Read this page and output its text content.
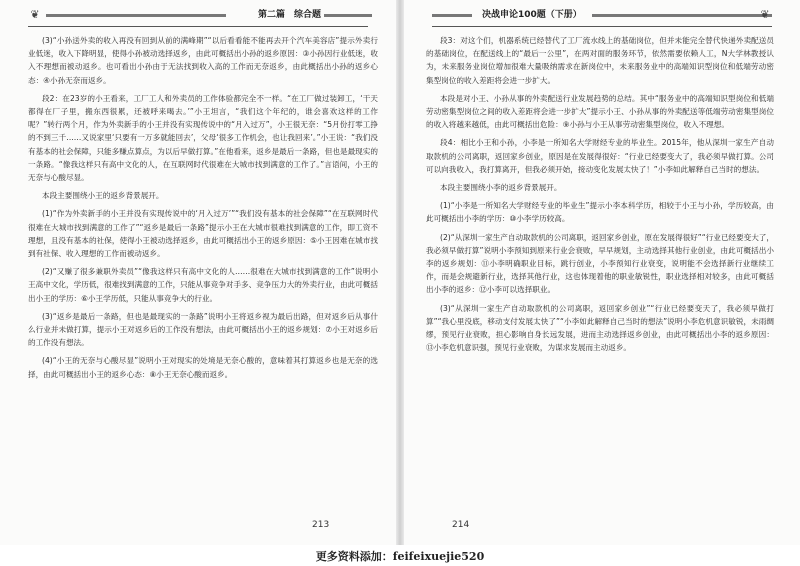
❦	第二篇　综合题

(3)“小孙送外卖的收入再没有回到从前的满峰期”“以后看看能不能再去开个汽车美容店”提示外卖行业低迷，收入下降明显，使得小孙被动选择返乡，由此可概括出小孙的返乡原因：③小孙因行业低迷，收入不理想而被动返乡。也可看出小孙由于无法找到收入高的工作而无奈返乡，由此概括出小孙的返乡心态：④小孙无奈而返乡。

段2：在23岁的小王看来，工厂工人和外卖员的工作体验都完全不一样。“在工厂做过装卸工，‘干天都得在厂子里，搬东西很累，还被呼来喝去。’”小王坦言，“我们这个年纪的，谁会喜欢这样的工作呢？”转行两个月，作为外卖新手的小王并没有实现传说中的“月入过万”，小王很无奈：“5月份打零工挣的不到三千……又说家里‘只要有一万多就能回去’，父母‘很多工作机会，也让我回来’。”小王说：“我们没有基本的社会保障，只能多赚点算点，为以后早做打算。”在他看来，返乡是最后一条路，但也是最现实的一条路。“像我这样只有高中文化的人，在互联网时代很难在大城市找到满意的工作了。”言语间，小王的无奈与心酸尽显。

本段主要围绕小王的返乡背景展开。

(1)“作为外卖新手的小王并没有实现传说中的‘月入过万’”“我们没有基本的社会保障”“在互联网时代很难在大城市找到满意的工作了”“返乡是最后一条路”提示小王在大城市很难找到满意的工作，即工资不理想，且没有基本的社保，使得小王被动选择返乡，由此可概括出小王的返乡原因：⑤小王因难在城市找到有社保、收入理想的工作而被动返乡。

(2)“又赚了很多兼职外卖员”“像我这样只有高中文化的人……很难在大城市找到满意的工作”说明小王高中文化，学历低，很难找到满意的工作，只能从事竞争对手多、竞争压力大的外卖行业，由此可概括出小王的学历：⑥小王学历低，只能从事竞争大的行业。

(3)“返乡是最后一条路，但也是最现实的一条路”说明小王将返乡视为最后出路，但对返乡后从事什么行业并未做打算，提示小王对返乡后的工作没有想法，由此可概括出小王的返乡规划：⑦小王对返乡后的工作没有想法。

(4)“小王的无奈与心酸尽显”说明小王对现实的处境是无奈心酸的，意味着其打算返乡也是无奈的选择，由此可概括出小王的返乡心态：⑧小王无奈心酸而返乡。

213
决战申论100题（下册）	❦

段3：对这个们，机器系统已经替代了工厂流水线上的基础岗位，但并未能完全替代快递外卖配送员的基础岗位，在配送线上的“最后一公里”，在两对面的服务环节，依然需要依赖人工，N大学林教授认为，未来服务业岗位增加很难大量吸纳需求在新岗位中，未来服务业中的高端知识型岗位和低端劳动密集型岗位的收入差距将会进一步扩大。

本段是对小王、小孙从事的外卖配送行业发展趋势的总结。其中“服务业中的高端知识型岗位和低端劳动密集型岗位之间的收入差距将会进一步扩大”提示小王、小孙从事的外卖配送等低端劳动密集型岗位的收入将越来越低，由此可概括出危险：⑨小孙与小王从事劳动密集型岗位，收入不理想。

段4：相比小王和小孙，小李是一所知名大学财经专业的毕业生。2015年，他从深圳一家生产自动取款机的公司离职，返回家乡创业，原因是在发展得很好：“行业已经要变大了，我必须早做打算。公司可以向我收入，我打算离开，但我必须开始，接动变化发展太快了！”小李如此解释自己当时的想法。

本段主要围绕小李的返乡背景展开。

(1)“小李是一所知名大学财经专业的毕业生”提示小李本科学历，相较于小王与小孙，学历较高，由此可概括出小李的学历：⑩小李学历较高。

(2)“从深圳一家生产自动取款机的公司离职，返回家乡创业，原在发展得很好”“行业已经要变大了，我必须早做打算”说明小李预知到原来行业会衰败，早早规划，主动选择其他行业创业，由此可概括出小李的返乡规划：⑪小李明确职业目标，跳行创业，小李预知行业衰变，说明能不会选择新行业继续工作，而是会规避新行业，选择其他行业，这也体现着他的职业敏锐性，职业选择相对较多，由此可概括出小李的返乡：⑫小李可以选择职业。

(3)“从深圳一家生产自动取款机的公司离职，返回家乡创业”“行业已经要变天了，我必须早做打算”“我心里没底，移动支付发展太快了”“小李如此解释自己当时的想法”说明小李危机意识敏锐，未雨绸缪，预见行业衰败，担心影响自身长远发展，进而主动选择返乡创业，由此可概括出小李的返乡原因：⑬小李危机意识强，预见行业衰败，为谋求发展而主动返乡。

214
更多资料添加：feifeixuejie520
